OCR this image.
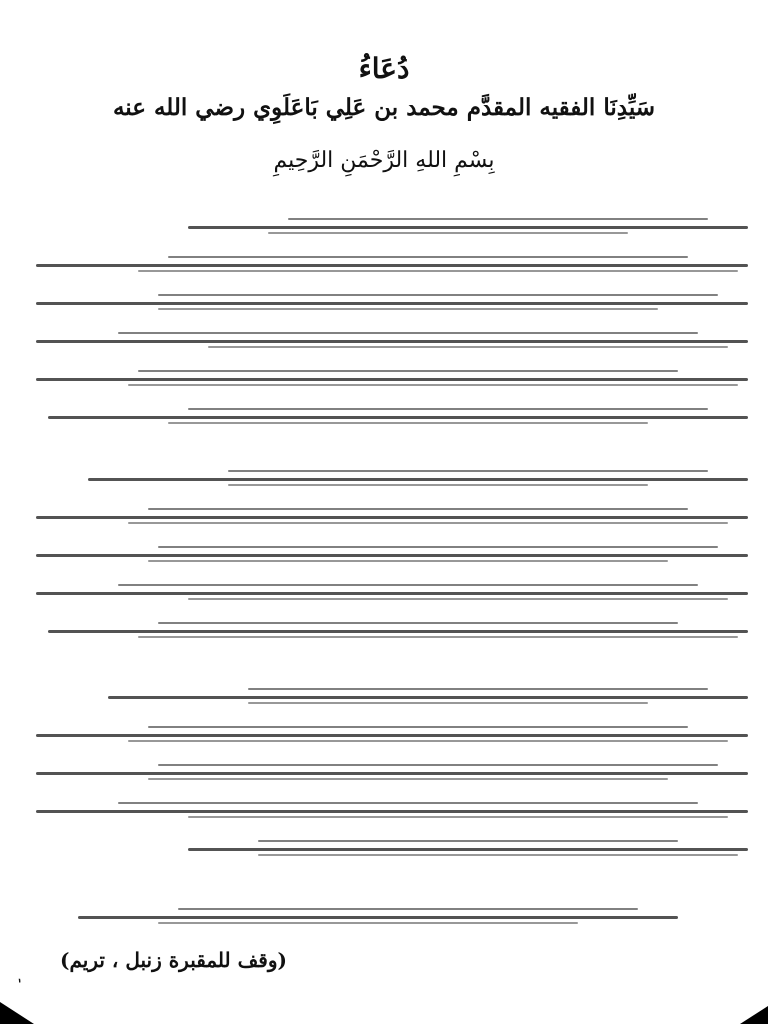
دُعَاءُ
سَيِّدِنَا الفقيه المقدَّم محمد بن عَلِي بَاعَلَوِي رضي الله عنه
بِسْمِ اللهِ الرَّحْمَنِ الرَّحِيمِ
(وقف للمقبرة زنبل ، تريم)
